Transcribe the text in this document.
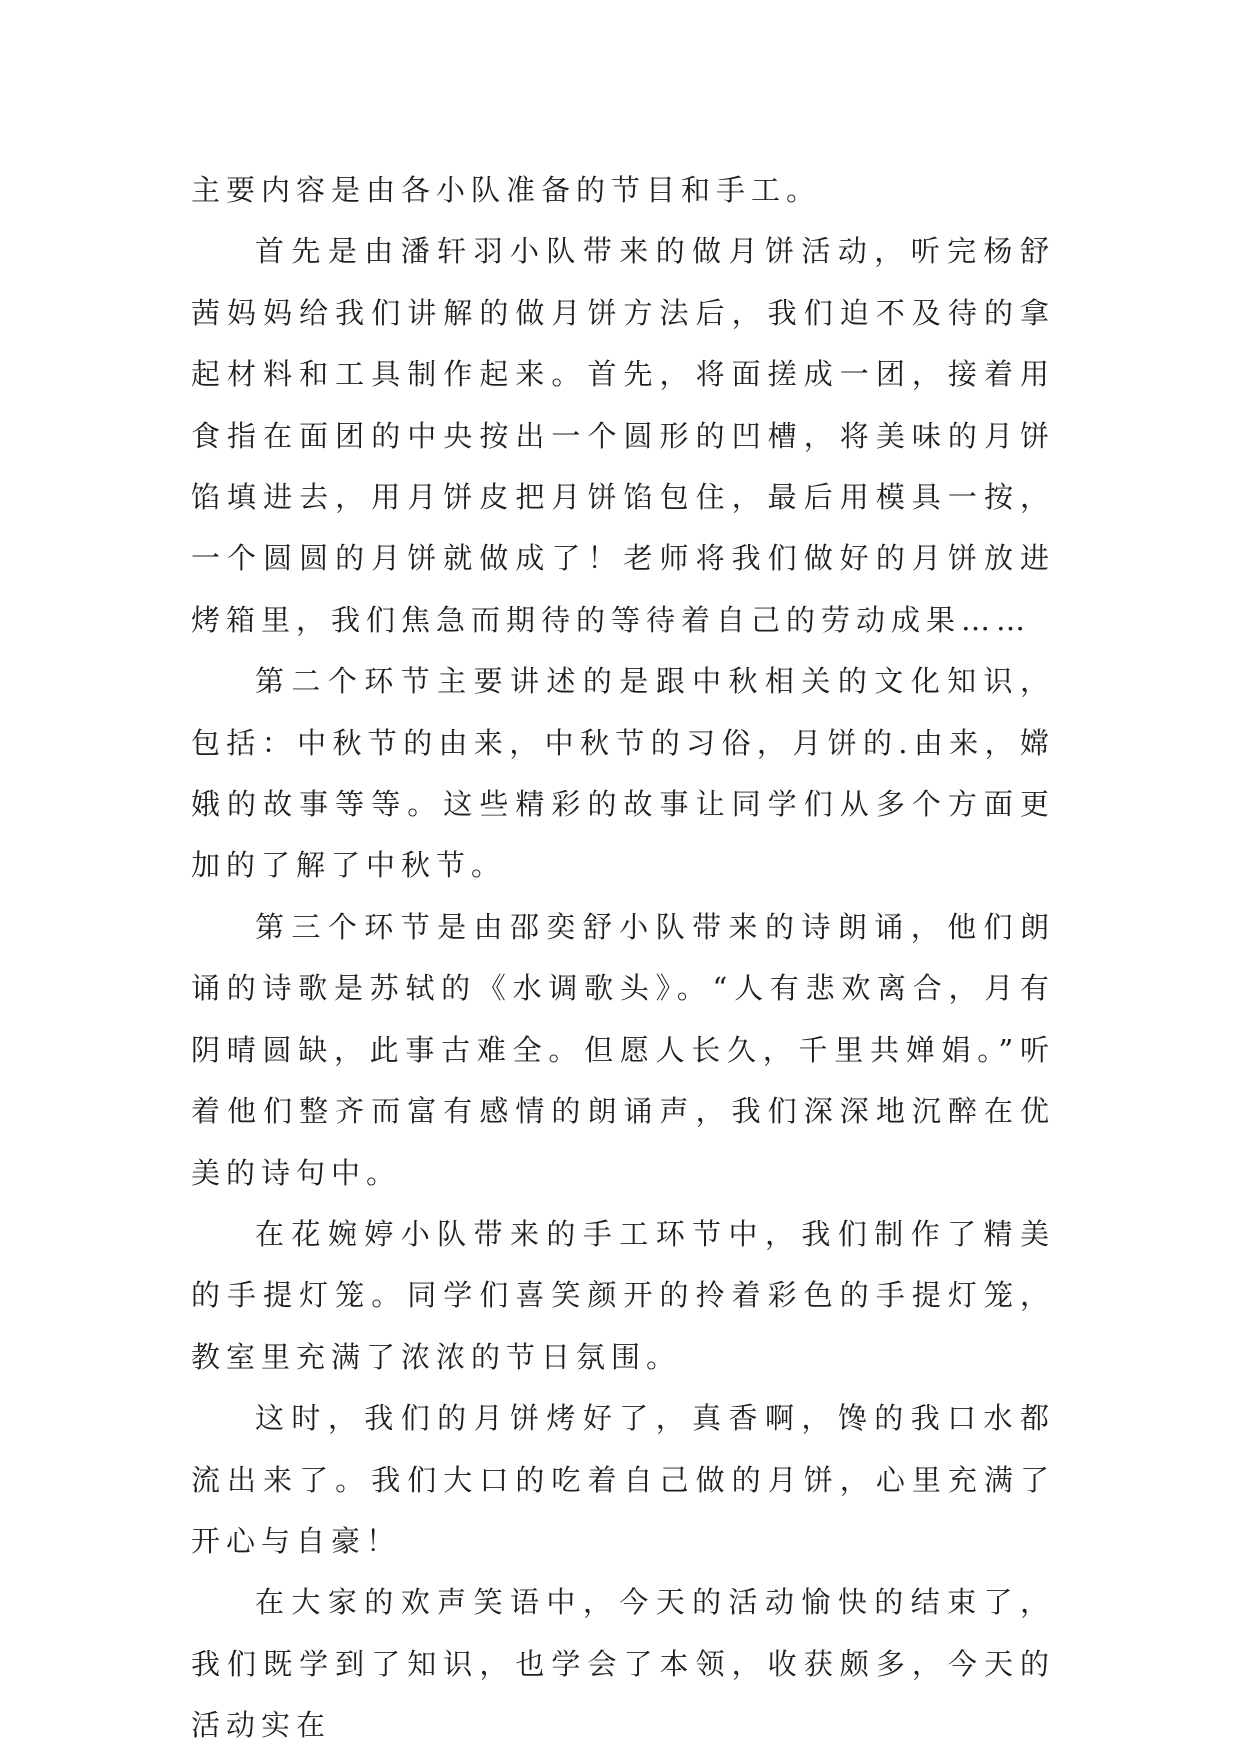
主要内容是由各小队准备的节目和手工。

首先是由潘轩羽小队带来的做月饼活动，听完杨舒茜妈妈给我们讲解的做月饼方法后，我们迫不及待的拿起材料和工具制作起来。首先，将面搓成一团，接着用食指在面团的中央按出一个圆形的凹槽，将美味的月饼馅填进去，用月饼皮把月饼馅包住，最后用模具一按，一个圆圆的月饼就做成了！老师将我们做好的月饼放进烤箱里，我们焦急而期待的等待着自己的劳动成果……

第二个环节主要讲述的是跟中秋相关的文化知识，包括：中秋节的由来，中秋节的习俗，月饼的.由来，嫦娥的故事等等。这些精彩的故事让同学们从多个方面更加的了解了中秋节。

第三个环节是由邵奕舒小队带来的诗朗诵，他们朗诵的诗歌是苏轼的《水调歌头》。“人有悲欢离合，月有阴晴圆缺，此事古难全。但愿人长久，千里共婵娟。”听着他们整齐而富有感情的朗诵声，我们深深地沉醉在优美的诗句中。

在花婉婷小队带来的手工环节中，我们制作了精美的手提灯笼。同学们喜笑颜开的拎着彩色的手提灯笼，教室里充满了浓浓的节日氛围。

这时，我们的月饼烤好了，真香啊，馋的我口水都流出来了。我们大口的吃着自己做的月饼，心里充满了开心与自豪！

在大家的欢声笑语中，今天的活动愉快的结束了，我们既学到了知识，也学会了本领，收获颇多，今天的活动实在
